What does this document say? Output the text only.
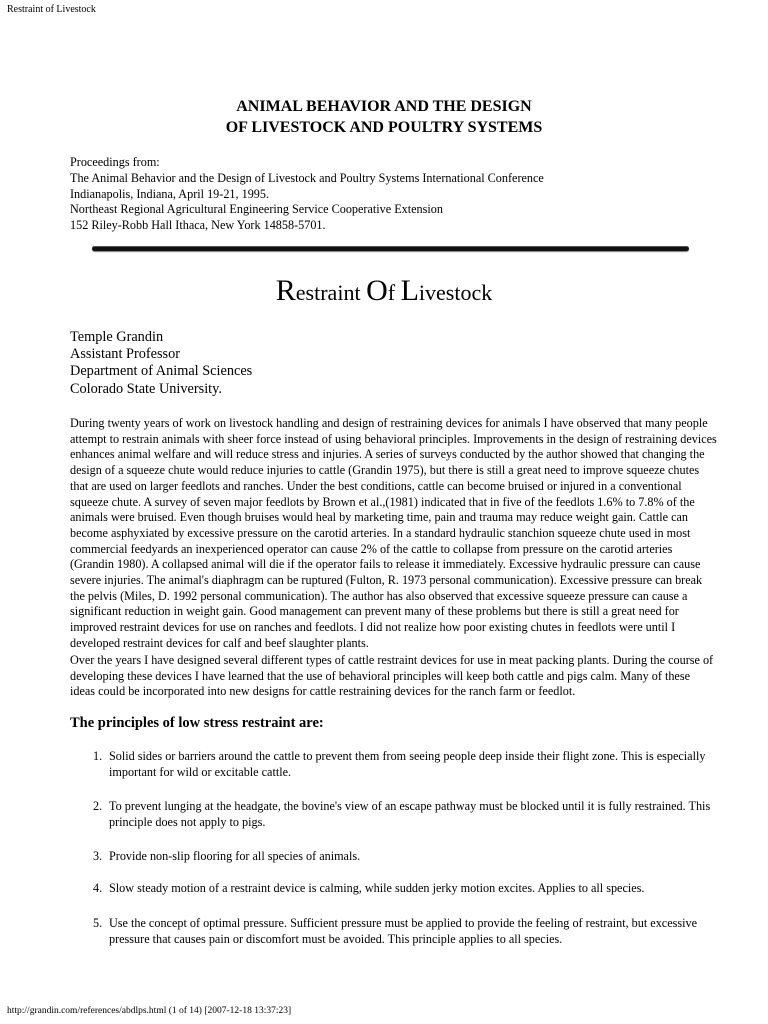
Restraint of Livestock
ANIMAL BEHAVIOR AND THE DESIGN
OF LIVESTOCK AND POULTRY SYSTEMS
Proceedings from:
The Animal Behavior and the Design of Livestock and Poultry Systems International Conference
Indianapolis, Indiana, April 19-21, 1995.
Northeast Regional Agricultural Engineering Service Cooperative Extension
152 Riley-Robb Hall Ithaca, New York 14858-5701.
Restraint Of Livestock
Temple Grandin
Assistant Professor
Department of Animal Sciences
Colorado State University.
During twenty years of work on livestock handling and design of restraining devices for animals I have observed that many people
attempt to restrain animals with sheer force instead of using behavioral principles. Improvements in the design of restraining devices
enhances animal welfare and will reduce stress and injuries. A series of surveys conducted by the author showed that changing the
design of a squeeze chute would reduce injuries to cattle (Grandin 1975), but there is still a great need to improve squeeze chutes
that are used on larger feedlots and ranches. Under the best conditions, cattle can become bruised or injured in a conventional
squeeze chute. A survey of seven major feedlots by Brown et al.,(1981) indicated that in five of the feedlots 1.6% to 7.8% of the
animals were bruised. Even though bruises would heal by marketing time, pain and trauma may reduce weight gain. Cattle can
become asphyxiated by excessive pressure on the carotid arteries. In a standard hydraulic stanchion squeeze chute used in most
commercial feedyards an inexperienced operator can cause 2% of the cattle to collapse from pressure on the carotid arteries
(Grandin 1980). A collapsed animal will die if the operator fails to release it immediately. Excessive hydraulic pressure can cause
severe injuries. The animal's diaphragm can be ruptured (Fulton, R. 1973 personal communication). Excessive pressure can break
the pelvis (Miles, D. 1992 personal communication). The author has also observed that excessive squeeze pressure can cause a
significant reduction in weight gain. Good management can prevent many of these problems but there is still a great need for
improved restraint devices for use on ranches and feedlots. I did not realize how poor existing chutes in feedlots were until I
developed restraint devices for calf and beef slaughter plants.
Over the years I have designed several different types of cattle restraint devices for use in meat packing plants. During the course of
developing these devices I have learned that the use of behavioral principles will keep both cattle and pigs calm. Many of these
ideas could be incorporated into new designs for cattle restraining devices for the ranch farm or feedlot.
The principles of low stress restraint are:
1. Solid sides or barriers around the cattle to prevent them from seeing people deep inside their flight zone. This is especially
important for wild or excitable cattle.
2. To prevent lunging at the headgate, the bovine's view of an escape pathway must be blocked until it is fully restrained. This
principle does not apply to pigs.
3. Provide non-slip flooring for all species of animals.
4. Slow steady motion of a restraint device is calming, while sudden jerky motion excites. Applies to all species.
5. Use the concept of optimal pressure. Sufficient pressure must be applied to provide the feeling of restraint, but excessive
pressure that causes pain or discomfort must be avoided. This principle applies to all species.
http://grandin.com/references/abdlps.html (1 of 14) [2007-12-18 13:37:23]
